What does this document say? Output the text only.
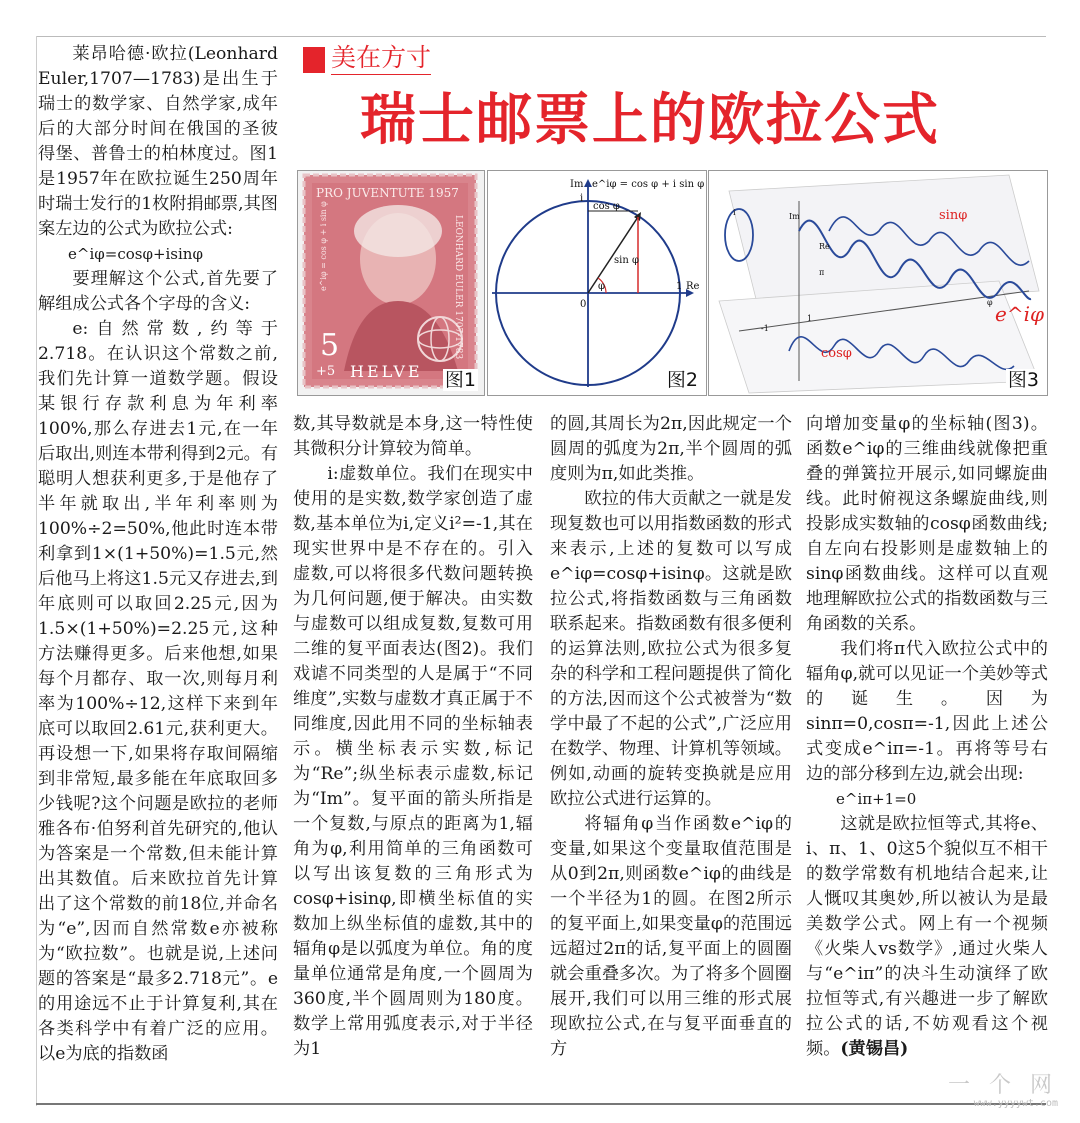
莱昂哈德·欧拉(Leonhard Euler,1707—1783)是出生于瑞士的数学家、自然学家,成年后的大部分时间在俄国的圣彼得堡、普鲁士的柏林度过。图1是1957年在欧拉诞生250周年时瑞士发行的1枚附捐邮票,其图案左边的公式为欧拉公式:

e^iφ=cosφ+isinφ

要理解这个公式,首先要了解组成公式各个字母的含义:

e:自然常数,约等于2.718。在认识这个常数之前,我们先计算一道数学题。假设某银行存款利息为年利率100%,那么存进去1元,在一年后取出,则连本带利得到2元。有聪明人想获利更多,于是他存了半年就取出,半年利率则为100%÷2=50%,他此时连本带利拿到1×(1+50%)=1.5元,然后他马上将这1.5元又存进去,到年底则可以取回2.25元,因为1.5×(1+50%)=2.25元,这种方法赚得更多。后来他想,如果每个月都存、取一次,则每月利率为100%÷12,这样下来到年底可以取回2.61元,获利更大。再设想一下,如果将存取间隔缩到非常短,最多能在年底取回多少钱呢?这个问题是欧拉的老师雅各布·伯努利首先研究的,他认为答案是一个常数,但未能计算出其数值。后来欧拉首先计算出了这个常数的前18位,并命名为“e”,因而自然常数e亦被称为“欧拉数”。也就是说,上述问题的答案是“最多2.718元”。e的用途远不止于计算复利,其在各类科学中有着广泛的应用。以e为底的指数函

美在方寸
瑞士邮票上的欧拉公式
PRO JUVENTUTE 1957
e^iφ = cos φ + i sin φ	LEONHARD EULER 1707-1783
5
+5 HELVE 图1
Im
i
e^iφ = cos φ + i sin φ
cos φ
sin φ
φ
0
1 Re
图2
sinφ
cosφ
e^iφ
Im
Re
π
i
1
-1
φ
图3

数,其导数就是本身,这一特性使其微积分计算较为简单。

i:虚数单位。我们在现实中使用的是实数,数学家创造了虚数,基本单位为i,定义i²=-1,其在现实世界中是不存在的。引入虚数,可以将很多代数问题转换为几何问题,便于解决。由实数与虚数可以组成复数,复数可用二维的复平面表达(图2)。我们戏谑不同类型的人是属于“不同维度”,实数与虚数才真正属于不同维度,因此用不同的坐标轴表示。横坐标表示实数,标记为“Re”;纵坐标表示虚数,标记为“Im”。复平面的箭头所指是一个复数,与原点的距离为1,辐角为φ,利用简单的三角函数可以写出该复数的三角形式为cosφ+isinφ,即横坐标值的实数加上纵坐标值的虚数,其中的辐角φ是以弧度为单位。角的度量单位通常是角度,一个圆周为360度,半个圆周则为180度。数学上常用弧度表示,对于半径为1

的圆,其周长为2π,因此规定一个圆周的弧度为2π,半个圆周的弧度则为π,如此类推。

欧拉的伟大贡献之一就是发现复数也可以用指数函数的形式来表示,上述的复数可以写成e^iφ=cosφ+isinφ。这就是欧拉公式,将指数函数与三角函数联系起来。指数函数有很多便利的运算法则,欧拉公式为很多复杂的科学和工程问题提供了简化的方法,因而这个公式被誉为“数学中最了不起的公式”,广泛应用在数学、物理、计算机等领域。例如,动画的旋转变换就是应用欧拉公式进行运算的。

将辐角φ当作函数e^iφ的变量,如果这个变量取值范围是从0到2π,则函数e^iφ的曲线是一个半径为1的圆。在图2所示的复平面上,如果变量φ的范围远远超过2π的话,复平面上的圆圈就会重叠多次。为了将多个圆圈展开,我们可以用三维的形式展现欧拉公式,在与复平面垂直的方

向增加变量φ的坐标轴(图3)。函数e^iφ的三维曲线就像把重叠的弹簧拉开展示,如同螺旋曲线。此时俯视这条螺旋曲线,则投影成实数轴的cosφ函数曲线;自左向右投影则是虚数轴上的sinφ函数曲线。这样可以直观地理解欧拉公式的指数函数与三角函数的关系。

我们将π代入欧拉公式中的辐角φ,就可以见证一个美妙等式的诞生。因为sinπ=0,cosπ=-1,因此上述公式变成e^iπ=-1。再将等号右边的部分移到左边,就会出现:

e^iπ+1=0

这就是欧拉恒等式,其将e、i、π、1、0这5个貌似互不相干的数学常数有机地结合起来,让人慨叹其奥妙,所以被认为是最美数学公式。网上有一个视频《火柴人vs数学》,通过火柴人与“e^iπ”的决斗生动演绎了欧拉恒等式,有兴趣进一步了解欧拉公式的话,不妨观看这个视频。(黄锡昌)

一 个 网
www.yyyywt.com
